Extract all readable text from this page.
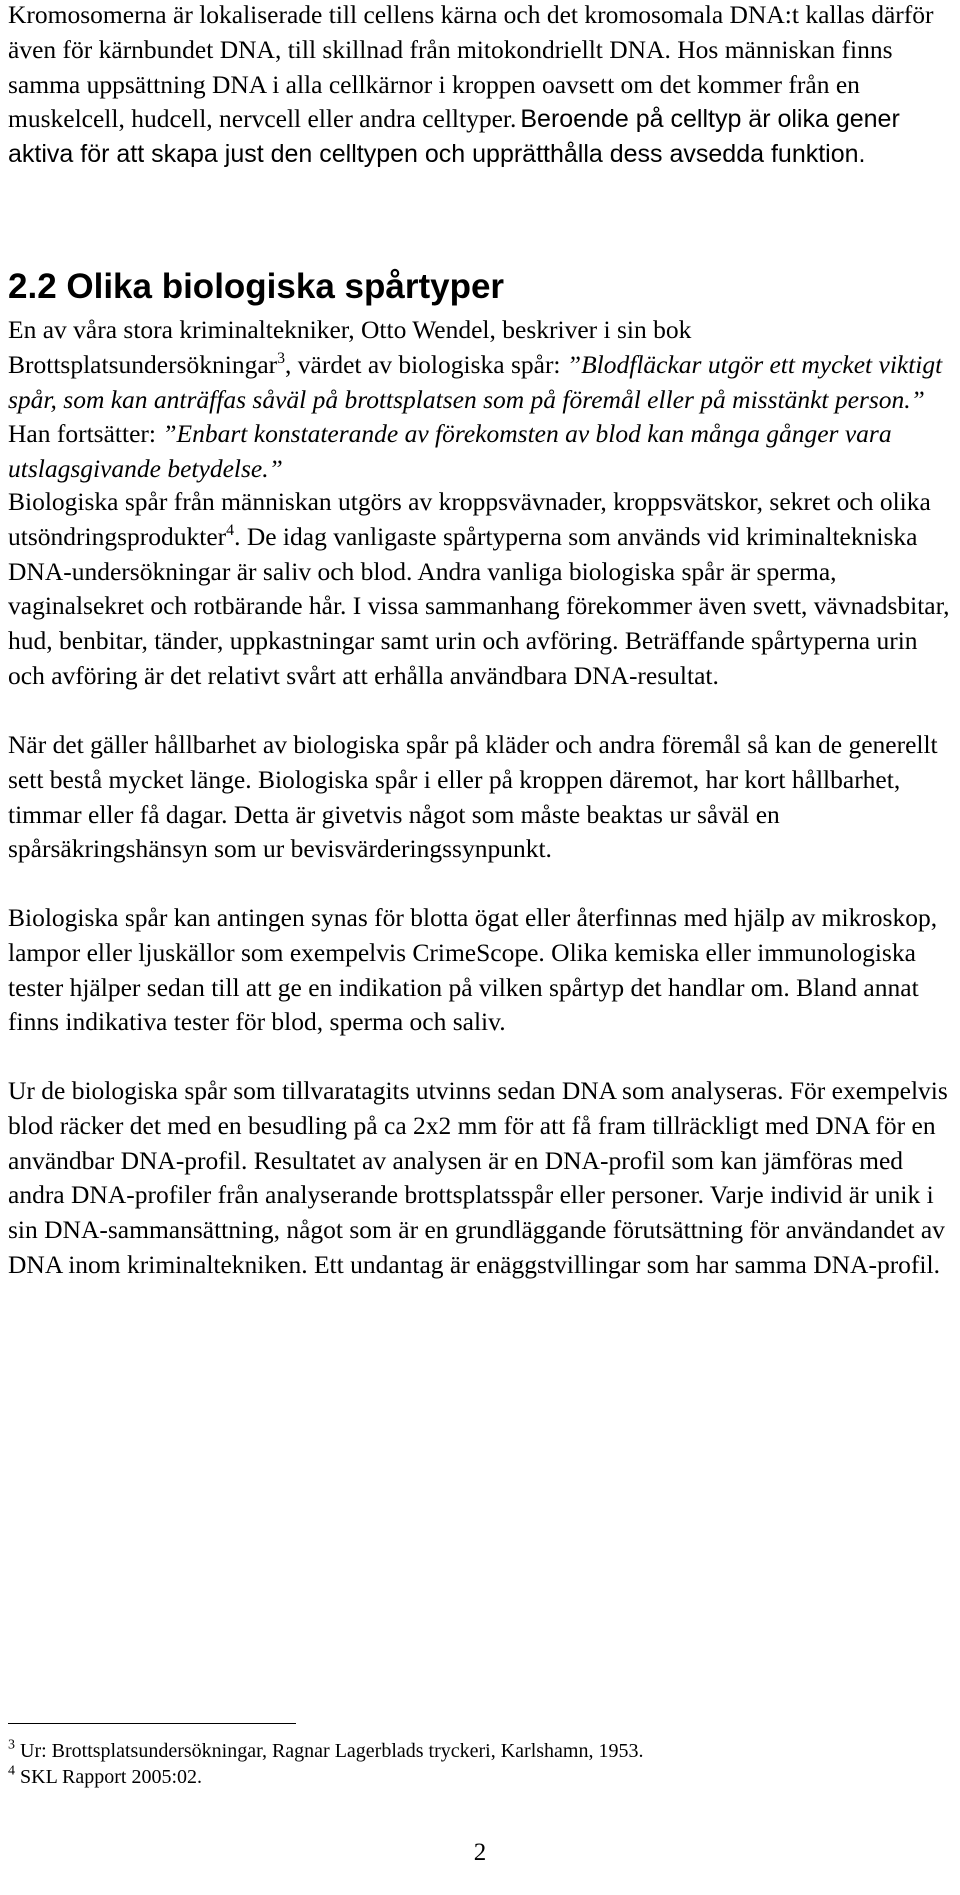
Kromosomerna är lokaliserade till cellens kärna och det kromosomala DNA:t kallas därför även för kärnbundet DNA, till skillnad från mitokondriellt DNA. Hos människan finns samma uppsättning DNA i alla cellkärnor i kroppen oavsett om det kommer från en muskelcell, hudcell, nervcell eller andra celltyper. Beroende på celltyp är olika gener aktiva för att skapa just den celltypen och upprätthålla dess avsedda funktion.

2.2 Olika biologiska spårtyper

En av våra stora kriminaltekniker, Otto Wendel, beskriver i sin bok Brottsplatsundersökningar$^3$, värdet av biologiska spår: ”Blodfläckar utgör ett mycket viktigt spår, som kan anträffas såväl på brottsplatsen som på föremål eller på misstänkt person.” Han fortsätter: ”Enbart konstaterande av förekomsten av blod kan många gånger vara utslagsgivande betydelse.”

Biologiska spår från människan utgörs av kroppsvävnader, kroppsvätskor, sekret och olika utsöndringsprodukter$^4$. De idag vanligaste spårtyperna som används vid kriminaltekniska DNA-undersökningar är saliv och blod. Andra vanliga biologiska spår är sperma, vaginalsekret och rotbärande hår. I vissa sammanhang förekommer även svett, vävnadsbitar, hud, benbitar, tänder, uppkastningar samt urin och avföring. Beträffande spårtyperna urin och avföring är det relativt svårt att erhålla användbara DNA-resultat.

När det gäller hållbarhet av biologiska spår på kläder och andra föremål så kan de generellt sett bestå mycket länge. Biologiska spår i eller på kroppen däremot, har kort hållbarhet, timmar eller få dagar. Detta är givetvis något som måste beaktas ur såväl en spårsäkringshänsyn som ur bevisvärderingssynpunkt.

Biologiska spår kan antingen synas för blotta ögat eller återfinnas med hjälp av mikroskop, lampor eller ljuskällor som exempelvis CrimeScope. Olika kemiska eller immunologiska tester hjälper sedan till att ge en indikation på vilken spårtyp det handlar om. Bland annat finns indikativa tester för blod, sperma och saliv.

Ur de biologiska spår som tillvaratagits utvinns sedan DNA som analyseras. För exempelvis blod räcker det med en besudling på ca 2x2 mm för att få fram tillräckligt med DNA för en användbar DNA-profil. Resultatet av analysen är en DNA-profil som kan jämföras med andra DNA-profiler från analyserande brottsplatsspår eller personer. Varje individ är unik i sin DNA-sammansättning, något som är en grundläggande förutsättning för användandet av DNA inom kriminaltekniken. Ett undantag är enäggstvillingar som har samma DNA-profil.

$^3$ Ur: Brottsplatsundersökningar, Ragnar Lagerblads tryckeri, Karlshamn, 1953.
$^4$ SKL Rapport 2005:02.
2
